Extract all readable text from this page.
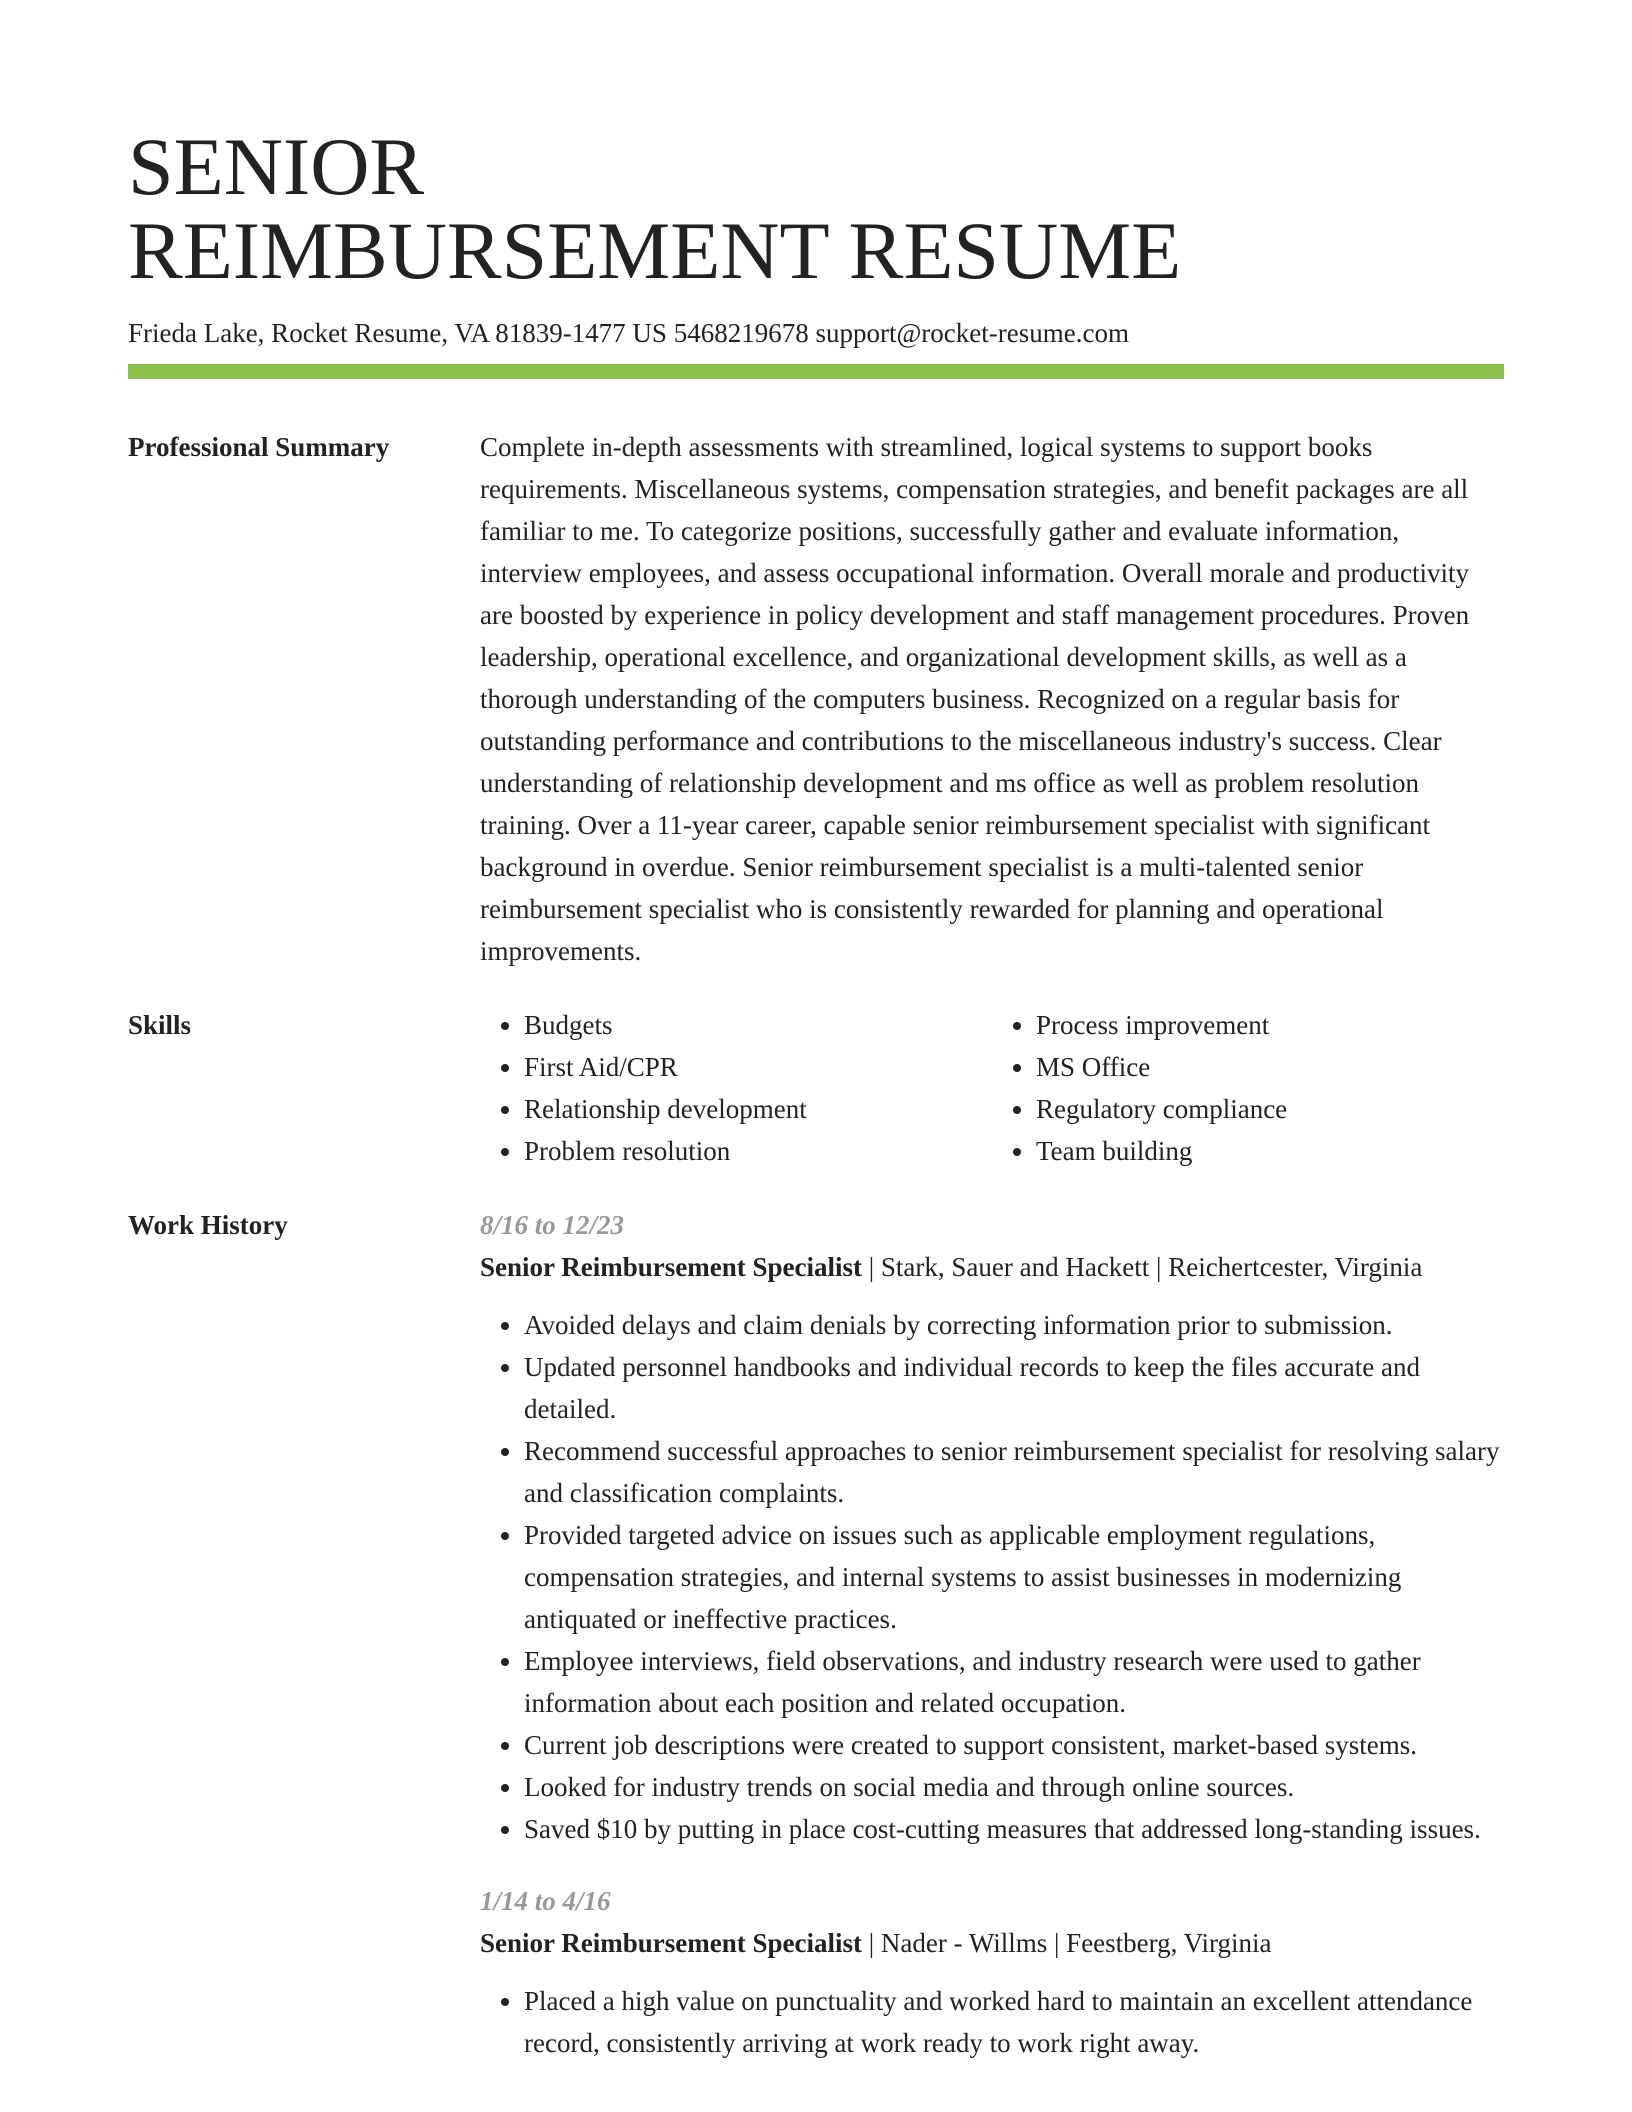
SENIOR
REIMBURSEMENT RESUME
Frieda Lake, Rocket Resume, VA 81839-1477 US 5468219678 support@rocket-resume.com
Professional Summary	Complete in-depth assessments with streamlined, logical systems to support books requirements. Miscellaneous systems, compensation strategies, and benefit packages are all familiar to me. To categorize positions, successfully gather and evaluate information, interview employees, and assess occupational information. Overall morale and productivity are boosted by experience in policy development and staff management procedures. Proven leadership, operational excellence, and organizational development skills, as well as a thorough understanding of the computers business. Recognized on a regular basis for outstanding performance and contributions to the miscellaneous industry's success. Clear understanding of relationship development and ms office as well as problem resolution training. Over a 11-year career, capable senior reimbursement specialist with significant background in overdue. Senior reimbursement specialist is a multi-talented senior reimbursement specialist who is consistently rewarded for planning and operational improvements.
Skills
•	Budgets
• First Aid/CPR
• Relationship development
• Problem resolution
• Process improvement
• MS Office
• Regulatory compliance
• Team building
Work History	8/16 to 12/23
Senior Reimbursement Specialist | Stark, Sauer and Hackett | Reichertcester, Virginia
• Avoided delays and claim denials by correcting information prior to submission.
• Updated personnel handbooks and individual records to keep the files accurate and detailed.
• Recommend successful approaches to senior reimbursement specialist for resolving salary and classification complaints.
• Provided targeted advice on issues such as applicable employment regulations, compensation strategies, and internal systems to assist businesses in modernizing antiquated or ineffective practices.
• Employee interviews, field observations, and industry research were used to gather information about each position and related occupation.
• Current job descriptions were created to support consistent, market-based systems.
• Looked for industry trends on social media and through online sources.
• Saved $10 by putting in place cost-cutting measures that addressed long-standing issues.
1/14 to 4/16
Senior Reimbursement Specialist | Nader - Willms | Feestberg, Virginia
• Placed a high value on punctuality and worked hard to maintain an excellent attendance record, consistently arriving at work ready to work right away.
